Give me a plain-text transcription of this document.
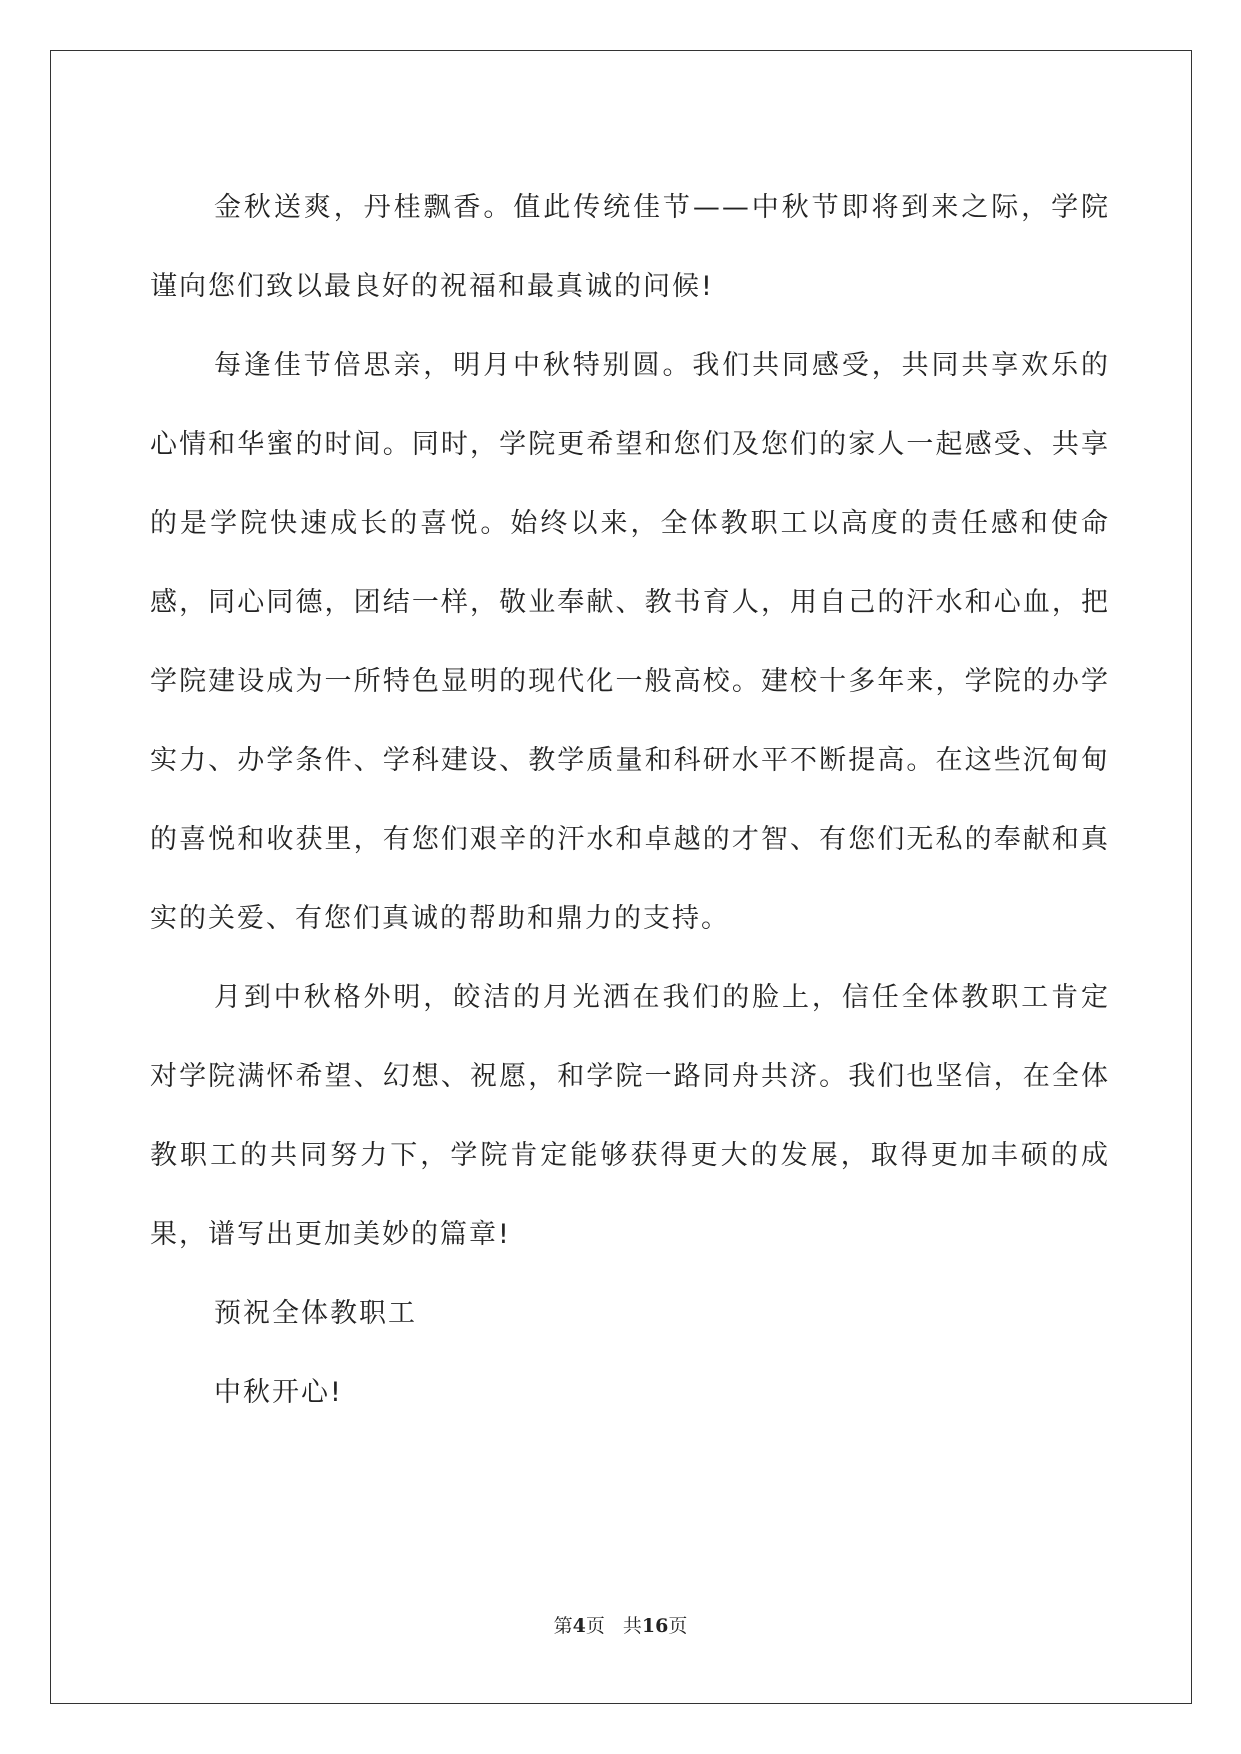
金秋送爽，丹桂飘香。值此传统佳节——中秋节即将到来之际，学院谨向您们致以最良好的祝福和最真诚的问候!

每逢佳节倍思亲，明月中秋特别圆。我们共同感受，共同共享欢乐的心情和华蜜的时间。同时，学院更希望和您们及您们的家人一起感受、共享的是学院快速成长的喜悦。始终以来，全体教职工以高度的责任感和使命感，同心同德，团结一样，敬业奉献、教书育人，用自己的汗水和心血，把学院建设成为一所特色显明的现代化一般高校。建校十多年来，学院的办学实力、办学条件、学科建设、教学质量和科研水平不断提高。在这些沉甸甸的喜悦和收获里，有您们艰辛的汗水和卓越的才智、有您们无私的奉献和真实的关爱、有您们真诚的帮助和鼎力的支持。

月到中秋格外明，皎洁的月光洒在我们的脸上，信任全体教职工肯定对学院满怀希望、幻想、祝愿，和学院一路同舟共济。我们也坚信，在全体教职工的共同努力下，学院肯定能够获得更大的发展，取得更加丰硕的成果，谱写出更加美妙的篇章!

预祝全体教职工

中秋开心!

第4页 共16页
